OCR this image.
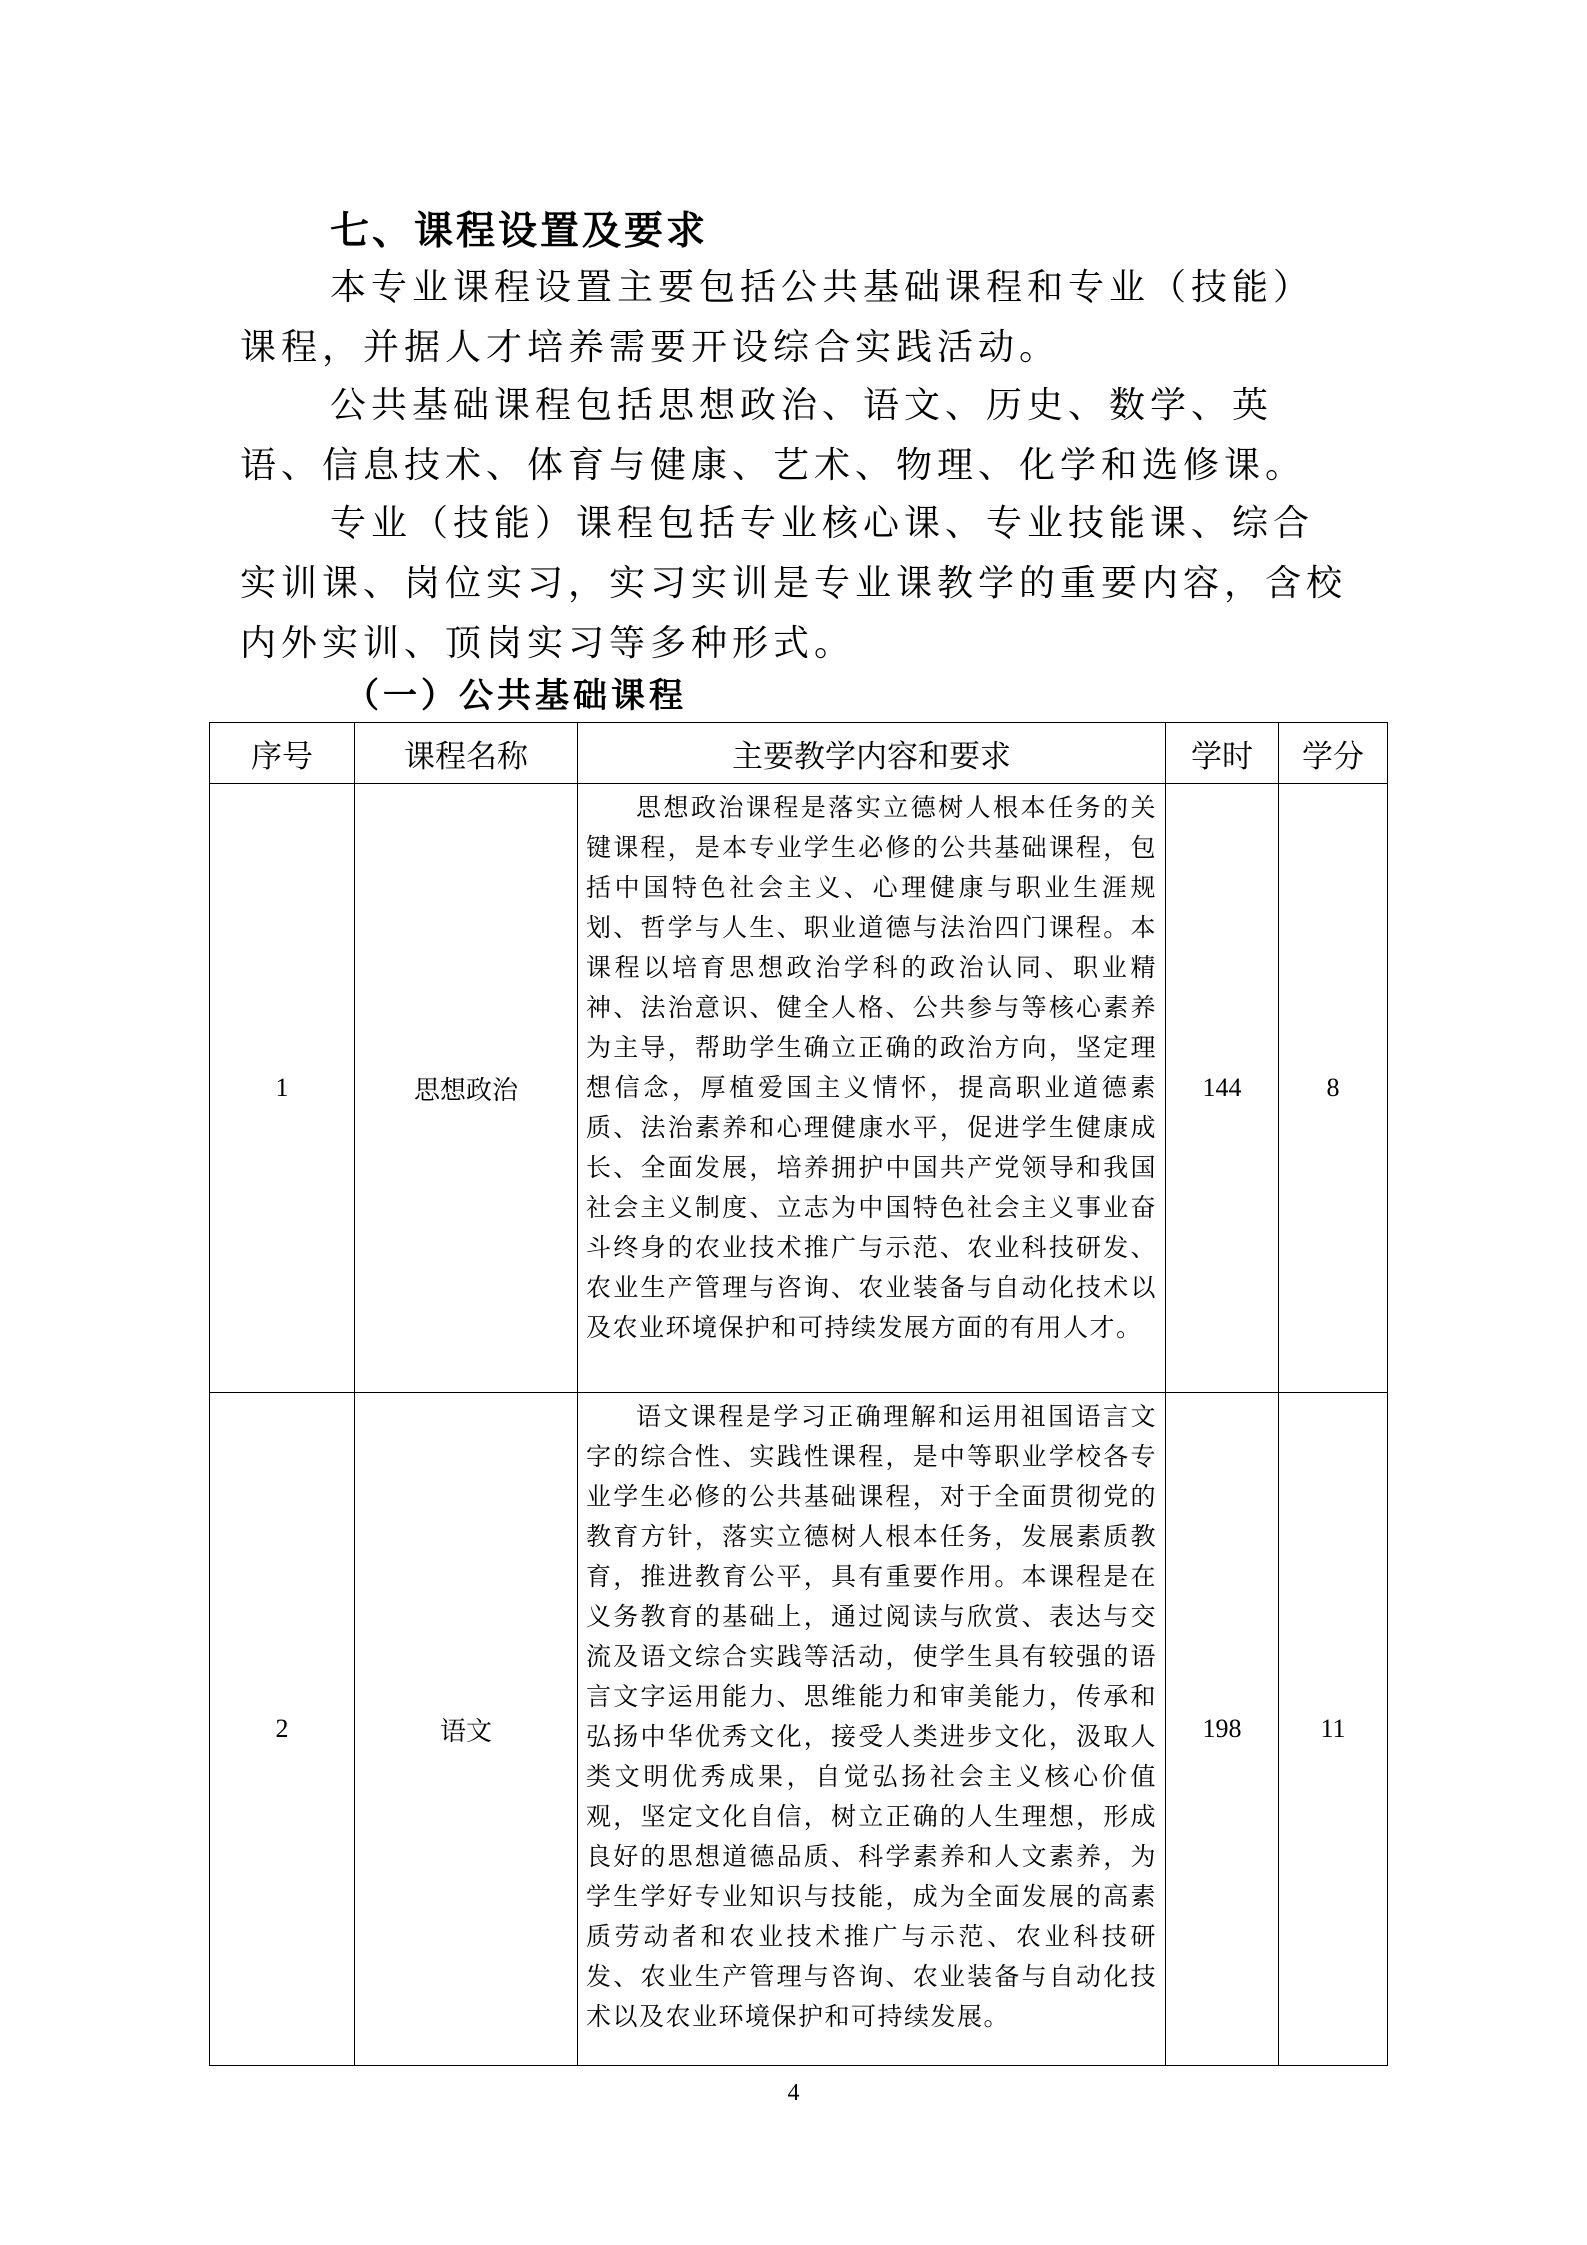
七、课程设置及要求
本专业课程设置主要包括公共基础课程和专业（技能）课程，并据人才培养需要开设综合实践活动。
公共基础课程包括思想政治、语文、历史、数学、英语、信息技术、体育与健康、艺术、物理、化学和选修课。
专业（技能）课程包括专业核心课、专业技能课、综合实训课、岗位实习，实习实训是专业课教学的重要内容，含校内外实训、顶岗实习等多种形式。
（一）公共基础课程
序号	课程名称	主要教学内容和要求	学时	学分
1	思想政治	思想政治课程是落实立德树人根本任务的关键课程，是本专业学生必修的公共基础课程，包括中国特色社会主义、心理健康与职业生涯规划、哲学与人生、职业道德与法治四门课程。本课程以培育思想政治学科的政治认同、职业精神、法治意识、健全人格、公共参与等核心素养为主导，帮助学生确立正确的政治方向，坚定理想信念，厚植爱国主义情怀，提高职业道德素质、法治素养和心理健康水平，促进学生健康成长、全面发展，培养拥护中国共产党领导和我国社会主义制度、立志为中国特色社会主义事业奋斗终身的农业技术推广与示范、农业科技研发、农业生产管理与咨询、农业装备与自动化技术以及农业环境保护和可持续发展方面的有用人才。	144	8
2	语文	语文课程是学习正确理解和运用祖国语言文字的综合性、实践性课程，是中等职业学校各专业学生必修的公共基础课程，对于全面贯彻党的教育方针，落实立德树人根本任务，发展素质教育，推进教育公平，具有重要作用。本课程是在义务教育的基础上，通过阅读与欣赏、表达与交流及语文综合实践等活动，使学生具有较强的语言文字运用能力、思维能力和审美能力，传承和弘扬中华优秀文化，接受人类进步文化，汲取人类文明优秀成果，自觉弘扬社会主义核心价值观，坚定文化自信，树立正确的人生理想，形成良好的思想道德品质、科学素养和人文素养，为学生学好专业知识与技能，成为全面发展的高素质劳动者和农业技术推广与示范、农业科技研发、农业生产管理与咨询、农业装备与自动化技术以及农业环境保护和可持续发展。	198	11
4
